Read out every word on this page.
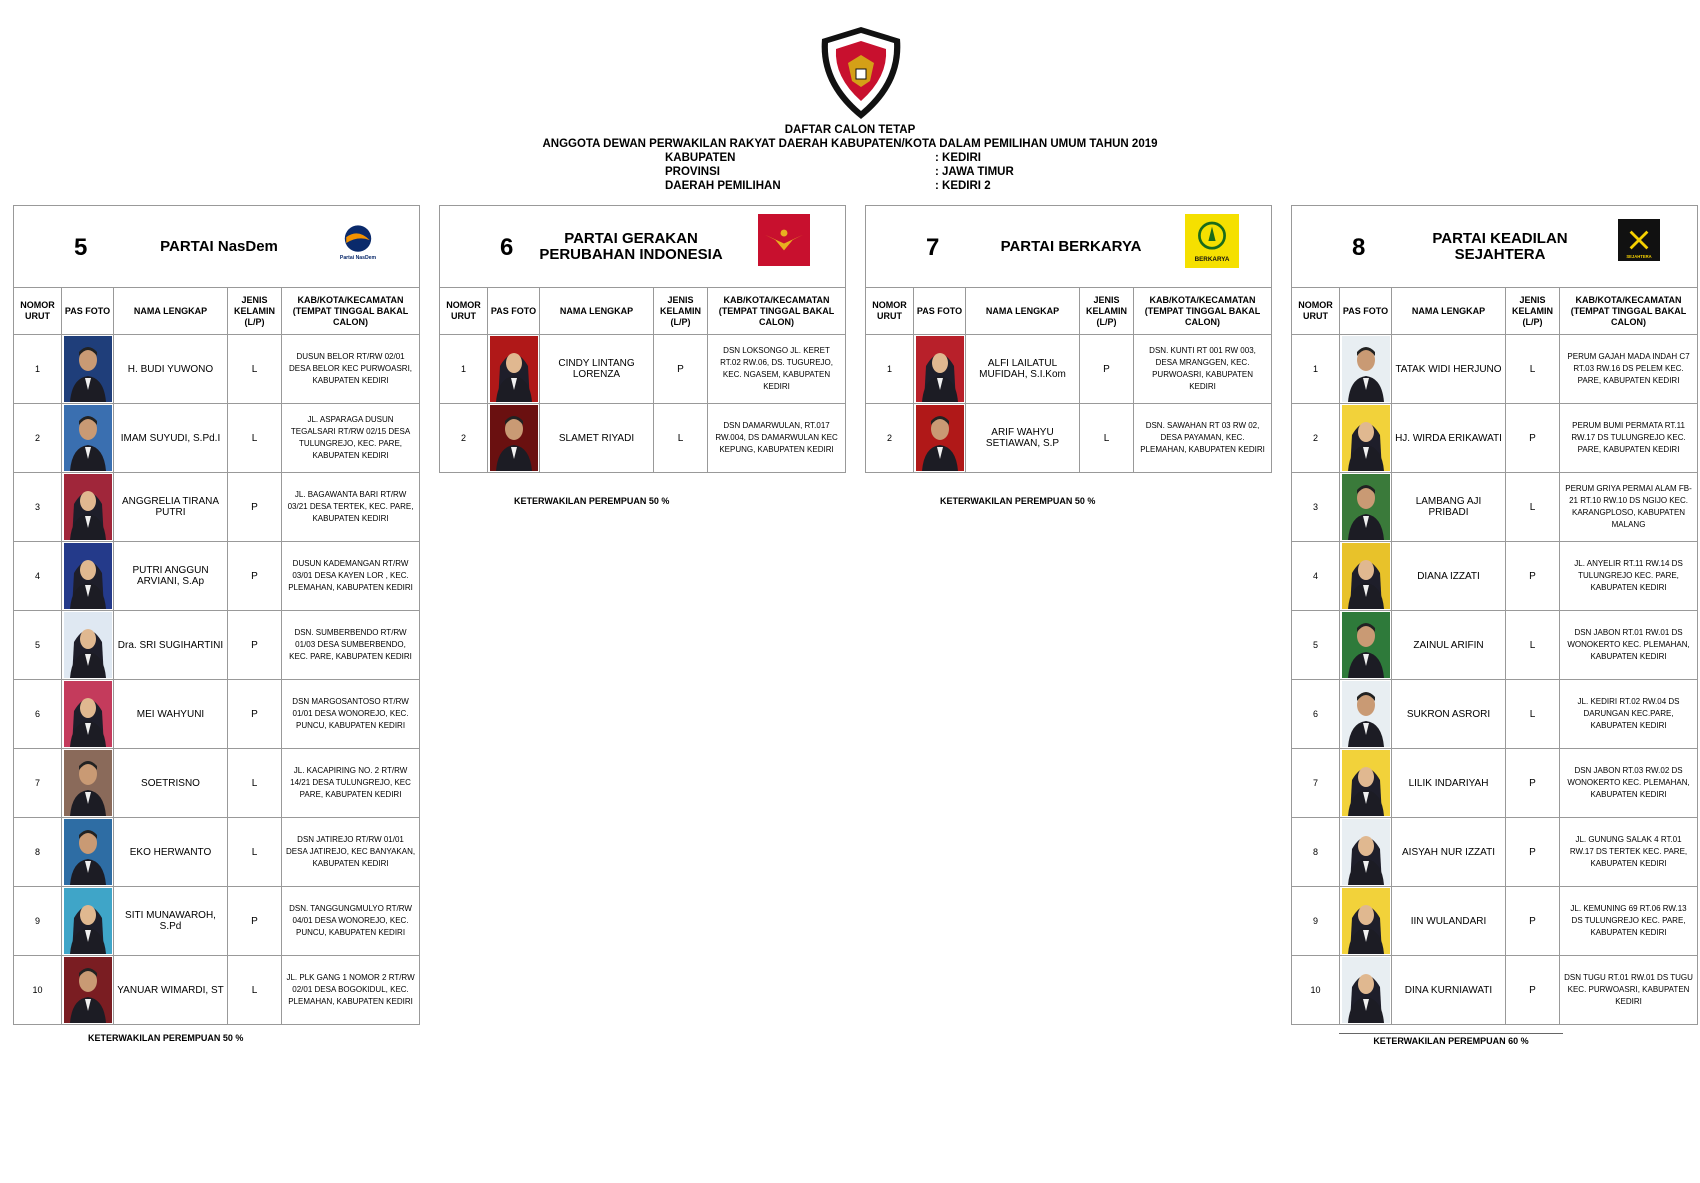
DAFTAR CALON TETAP
ANGGOTA DEWAN PERWAKILAN RAKYAT DAERAH KABUPATEN/KOTA DALAM PEMILIHAN UMUM TAHUN 2019
KABUPATEN	: KEDIRI
PROVINSI	: JAWA TIMUR
DAERAH PEMILIHAN	: KEDIRI 2
5 PARTAI NasDem
Partai NasDem				

NOMOR URUT	PAS FOTO	NAMA LENGKAP	JENIS KELAMIN (L/P)	KAB/KOTA/KECAMATAN (TEMPAT TINGGAL BAKAL CALON)
1		H. BUDI YUWONO	L	DUSUN BELOR RT/RW 02/01 DESA BELOR KEC PURWOASRI, KABUPATEN KEDIRI
2		IMAM SUYUDI, S.Pd.I	L	JL. ASPARAGA DUSUN TEGALSARI RT/RW 02/15 DESA TULUNGREJO, KEC. PARE, KABUPATEN KEDIRI
3		ANGGRELIA TIRANA PUTRI	P	JL. BAGAWANTA BARI RT/RW 03/21 DESA TERTEK, KEC. PARE, KABUPATEN KEDIRI
4		PUTRI ANGGUN ARVIANI, S.Ap	P	DUSUN KADEMANGAN RT/RW 03/01 DESA KAYEN LOR , KEC. PLEMAHAN, KABUPATEN KEDIRI
5		Dra. SRI SUGIHARTINI	P	DSN. SUMBERBENDO RT/RW 01/03 DESA SUMBERBENDO, KEC. PARE, KABUPATEN KEDIRI
6		MEI WAHYUNI	P	DSN MARGOSANTOSO RT/RW 01/01 DESA WONOREJO, KEC. PUNCU, KABUPATEN KEDIRI
7		SOETRISNO	L	JL. KACAPIRING NO. 2 RT/RW 14/21 DESA TULUNGREJO, KEC PARE, KABUPATEN KEDIRI
8		EKO HERWANTO	L	DSN JATIREJO RT/RW 01/01 DESA JATIREJO, KEC BANYAKAN, KABUPATEN KEDIRI
9		SITI MUNAWAROH, S.Pd	P	DSN. TANGGUNGMULYO RT/RW 04/01 DESA WONOREJO, KEC. PUNCU, KABUPATEN KEDIRI
10		YANUAR WIMARDI, ST	L	JL. PLK GANG 1 NOMOR 2 RT/RW 02/01 DESA BOGOKIDUL, KEC. PLEMAHAN, KABUPATEN KEDIRI
6 PARTAI GERAKAN PERUBAHAN INDONESIA				

NOMOR URUT	PAS FOTO	NAMA LENGKAP	JENIS KELAMIN (L/P)	KAB/KOTA/KECAMATAN (TEMPAT TINGGAL BAKAL CALON)
1		CINDY LINTANG LORENZA	P	DSN LOKSONGO JL. KERET RT.02 RW.06, DS. TUGUREJO, KEC. NGASEM, KABUPATEN KEDIRI
2		SLAMET RIYADI	L	DSN DAMARWULAN, RT.017 RW.004, DS DAMARWULAN KEC KEPUNG, KABUPATEN KEDIRI
7 PARTAI BERKARYA
BERKARYA				

NOMOR URUT	PAS FOTO	NAMA LENGKAP	JENIS KELAMIN (L/P)	KAB/KOTA/KECAMATAN (TEMPAT TINGGAL BAKAL CALON)
1		ALFI LAILATUL MUFIDAH, S.I.Kom	P	DSN. KUNTI RT 001 RW 003, DESA MRANGGEN, KEC. PURWOASRI, KABUPATEN KEDIRI
2		ARIF WAHYU SETIAWAN, S.P	L	DSN. SAWAHAN RT 03 RW 02, DESA PAYAMAN, KEC. PLEMAHAN, KABUPATEN KEDIRI
8 PARTAI KEADILAN SEJAHTERA SEJAHTERA				

NOMOR URUT	PAS FOTO	NAMA LENGKAP	JENIS KELAMIN (L/P)	KAB/KOTA/KECAMATAN (TEMPAT TINGGAL BAKAL CALON)
1		TATAK WIDI HERJUNO	L	PERUM GAJAH MADA INDAH C7 RT.03 RW.16 DS PELEM KEC. PARE, KABUPATEN KEDIRI
2		HJ. WIRDA ERIKAWATI	P	PERUM BUMI PERMATA RT.11 RW.17 DS TULUNGREJO KEC. PARE, KABUPATEN KEDIRI
3		LAMBANG AJI PRIBADI	L	PERUM GRIYA PERMAI ALAM FB-21 RT.10 RW.10 DS NGIJO KEC. KARANGPLOSO, KABUPATEN MALANG
4		DIANA IZZATI	P	JL. ANYELIR RT.11 RW.14 DS TULUNGREJO KEC. PARE, KABUPATEN KEDIRI
5		ZAINUL ARIFIN	L	DSN JABON RT.01 RW.01 DS WONOKERTO KEC. PLEMAHAN, KABUPATEN KEDIRI
6		SUKRON ASRORI	L	JL. KEDIRI RT.02 RW.04 DS DARUNGAN KEC.PARE, KABUPATEN KEDIRI
7		LILIK INDARIYAH	P	DSN JABON RT.03 RW.02 DS WONOKERTO KEC. PLEMAHAN, KABUPATEN KEDIRI
8		AISYAH NUR IZZATI	P	JL. GUNUNG SALAK 4 RT.01 RW.17 DS TERTEK KEC. PARE, KABUPATEN KEDIRI
9		IIN WULANDARI	P	JL. KEMUNING 69 RT.06 RW.13 DS TULUNGREJO KEC. PARE, KABUPATEN KEDIRI
10		DINA KURNIAWATI	P	DSN TUGU RT.01 RW.01 DS TUGU KEC. PURWOASRI, KABUPATEN KEDIRI
KETERWAKILAN PEREMPUAN 50 %
KETERWAKILAN PEREMPUAN 50 %	KETERWAKILAN PEREMPUAN 50 %
KETERWAKILAN PEREMPUAN 60 %
